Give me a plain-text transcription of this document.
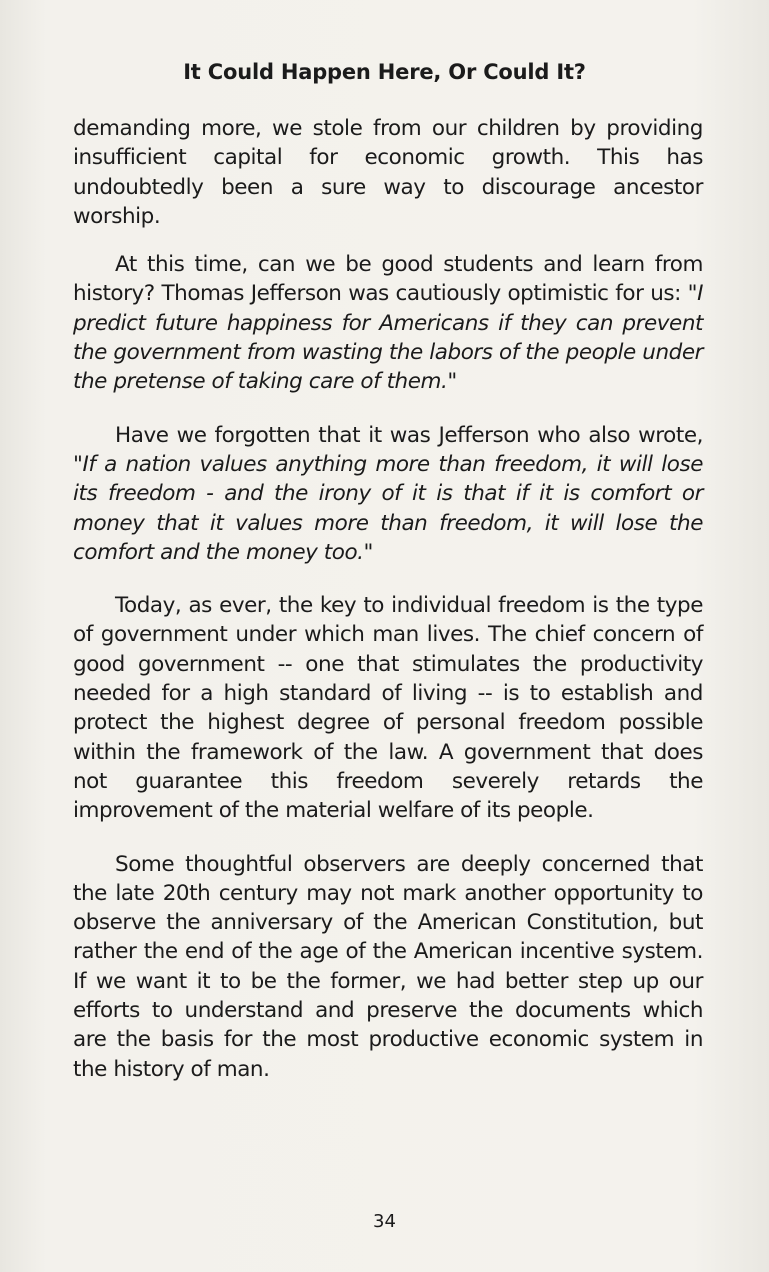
It Could Happen Here, Or Could It?

demanding more, we stole from our children by providing insufficient capital for economic growth. This has undoubtedly been a sure way to discourage ancestor worship.

At this time, can we be good students and learn from history? Thomas Jefferson was cautiously optimistic for us: "I predict future happiness for Americans if they can prevent the government from wasting the labors of the people under the pretense of taking care of them."

Have we forgotten that it was Jefferson who also wrote, "If a nation values anything more than freedom, it will lose its freedom - and the irony of it is that if it is comfort or money that it values more than freedom, it will lose the comfort and the money too."

Today, as ever, the key to individual freedom is the type of government under which man lives. The chief concern of good government -- one that stimulates the productivity needed for a high standard of living -- is to establish and protect the highest degree of personal freedom possible within the framework of the law. A government that does not guarantee this freedom severely retards the improvement of the material welfare of its people.

Some thoughtful observers are deeply concerned that the late 20th century may not mark another opportunity to observe the anniversary of the American Constitution, but rather the end of the age of the American incentive system. If we want it to be the former, we had better step up our efforts to understand and preserve the documents which are the basis for the most productive economic system in the history of man.

34
